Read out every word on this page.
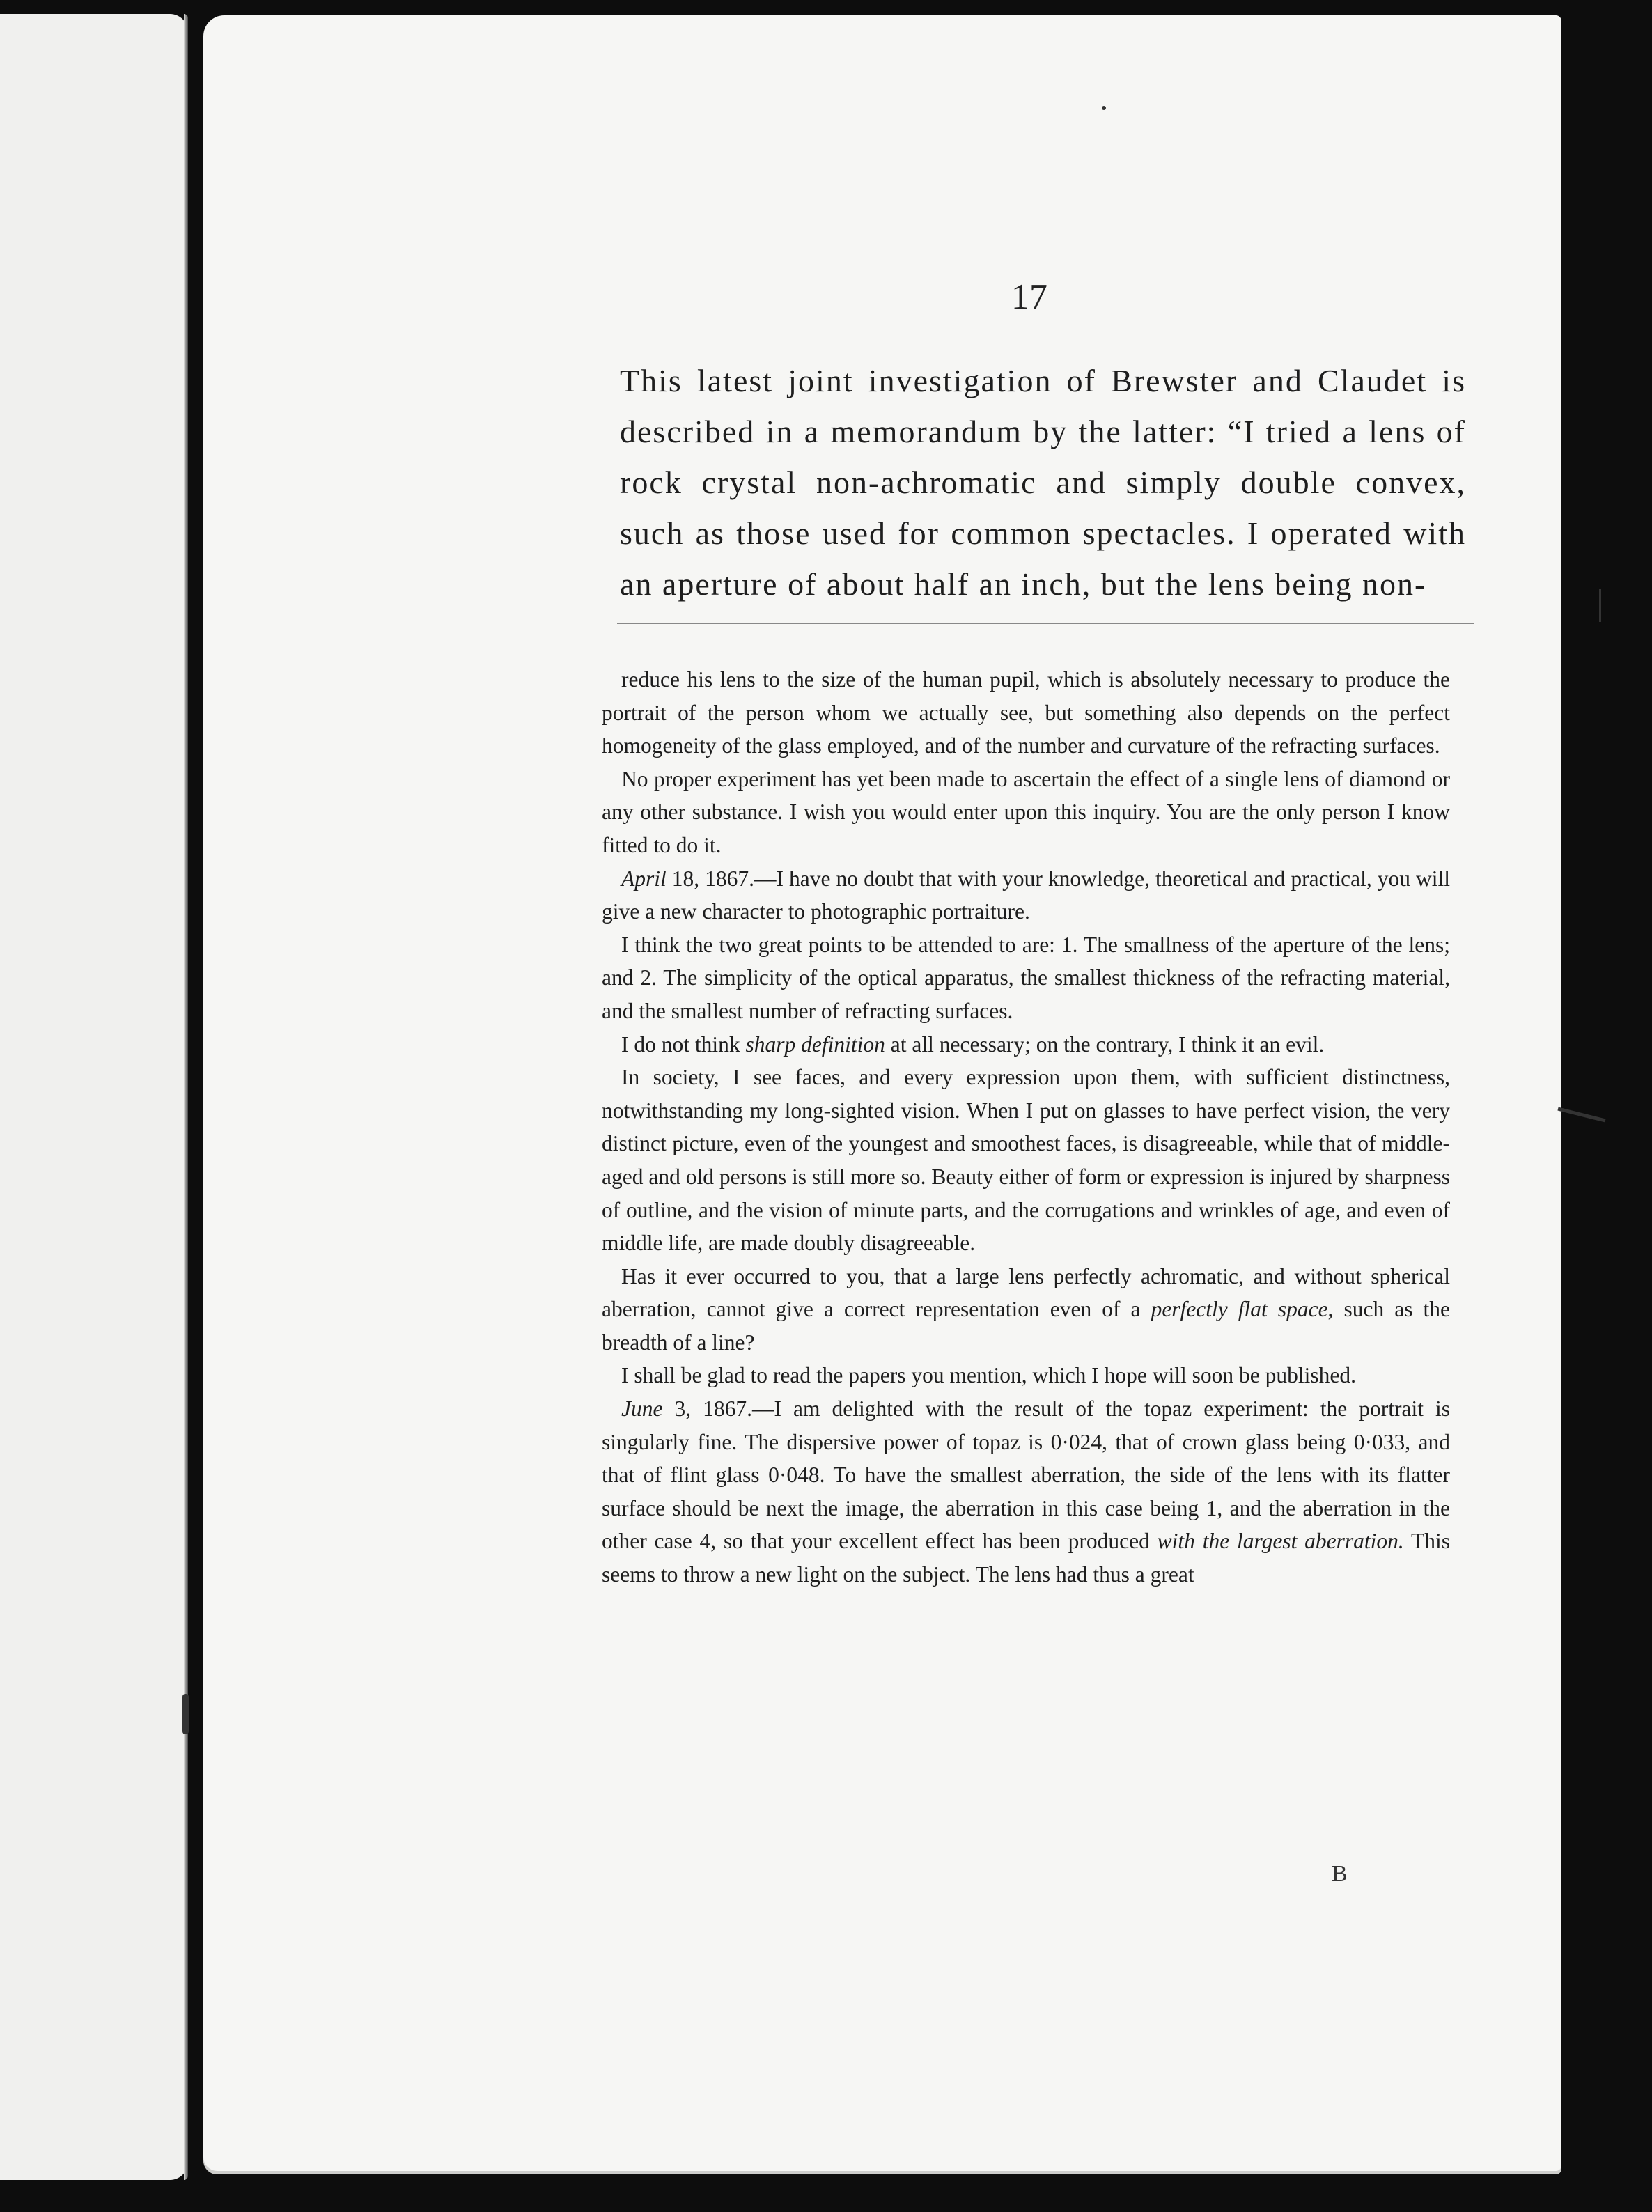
17
This latest joint investigation of Brewster and Claudet is described in a memorandum by the latter: “I tried a lens of rock crystal non-achromatic and simply double convex, such as those used for common spectacles. I operated with an aperture of about half an inch, but the lens being non-

reduce his lens to the size of the human pupil, which is absolutely necessary to produce the portrait of the person whom we actually see, but something also depends on the perfect homogeneity of the glass employed, and of the number and curvature of the refracting surfaces.

No proper experiment has yet been made to ascertain the effect of a single lens of diamond or any other substance. I wish you would enter upon this inquiry. You are the only person I know fitted to do it.

April 18, 1867.—I have no doubt that with your knowledge, theoretical and practical, you will give a new character to photographic portraiture.

I think the two great points to be attended to are: 1. The smallness of the aperture of the lens; and 2. The simplicity of the optical apparatus, the smallest thickness of the refracting material, and the smallest number of refracting surfaces.

I do not think sharp definition at all necessary; on the contrary, I think it an evil.

In society, I see faces, and every expression upon them, with sufficient distinctness, notwithstanding my long-sighted vision. When I put on glasses to have perfect vision, the very distinct picture, even of the youngest and smoothest faces, is disagreeable, while that of middle-aged and old persons is still more so. Beauty either of form or expression is injured by sharpness of outline, and the vision of minute parts, and the corrugations and wrinkles of age, and even of middle life, are made doubly disagreeable.

Has it ever occurred to you, that a large lens perfectly achromatic, and without spherical aberration, cannot give a correct representation even of a perfectly flat space, such as the breadth of a line?

I shall be glad to read the papers you mention, which I hope will soon be published.

June 3, 1867.—I am delighted with the result of the topaz experiment: the portrait is singularly fine. The dispersive power of topaz is 0·024, that of crown glass being 0·033, and that of flint glass 0·048. To have the smallest aberration, the side of the lens with its flatter surface should be next the image, the aberration in this case being 1, and the aberration in the other case 4, so that your excellent effect has been produced with the largest aberration. This seems to throw a new light on the subject. The lens had thus a great

B
